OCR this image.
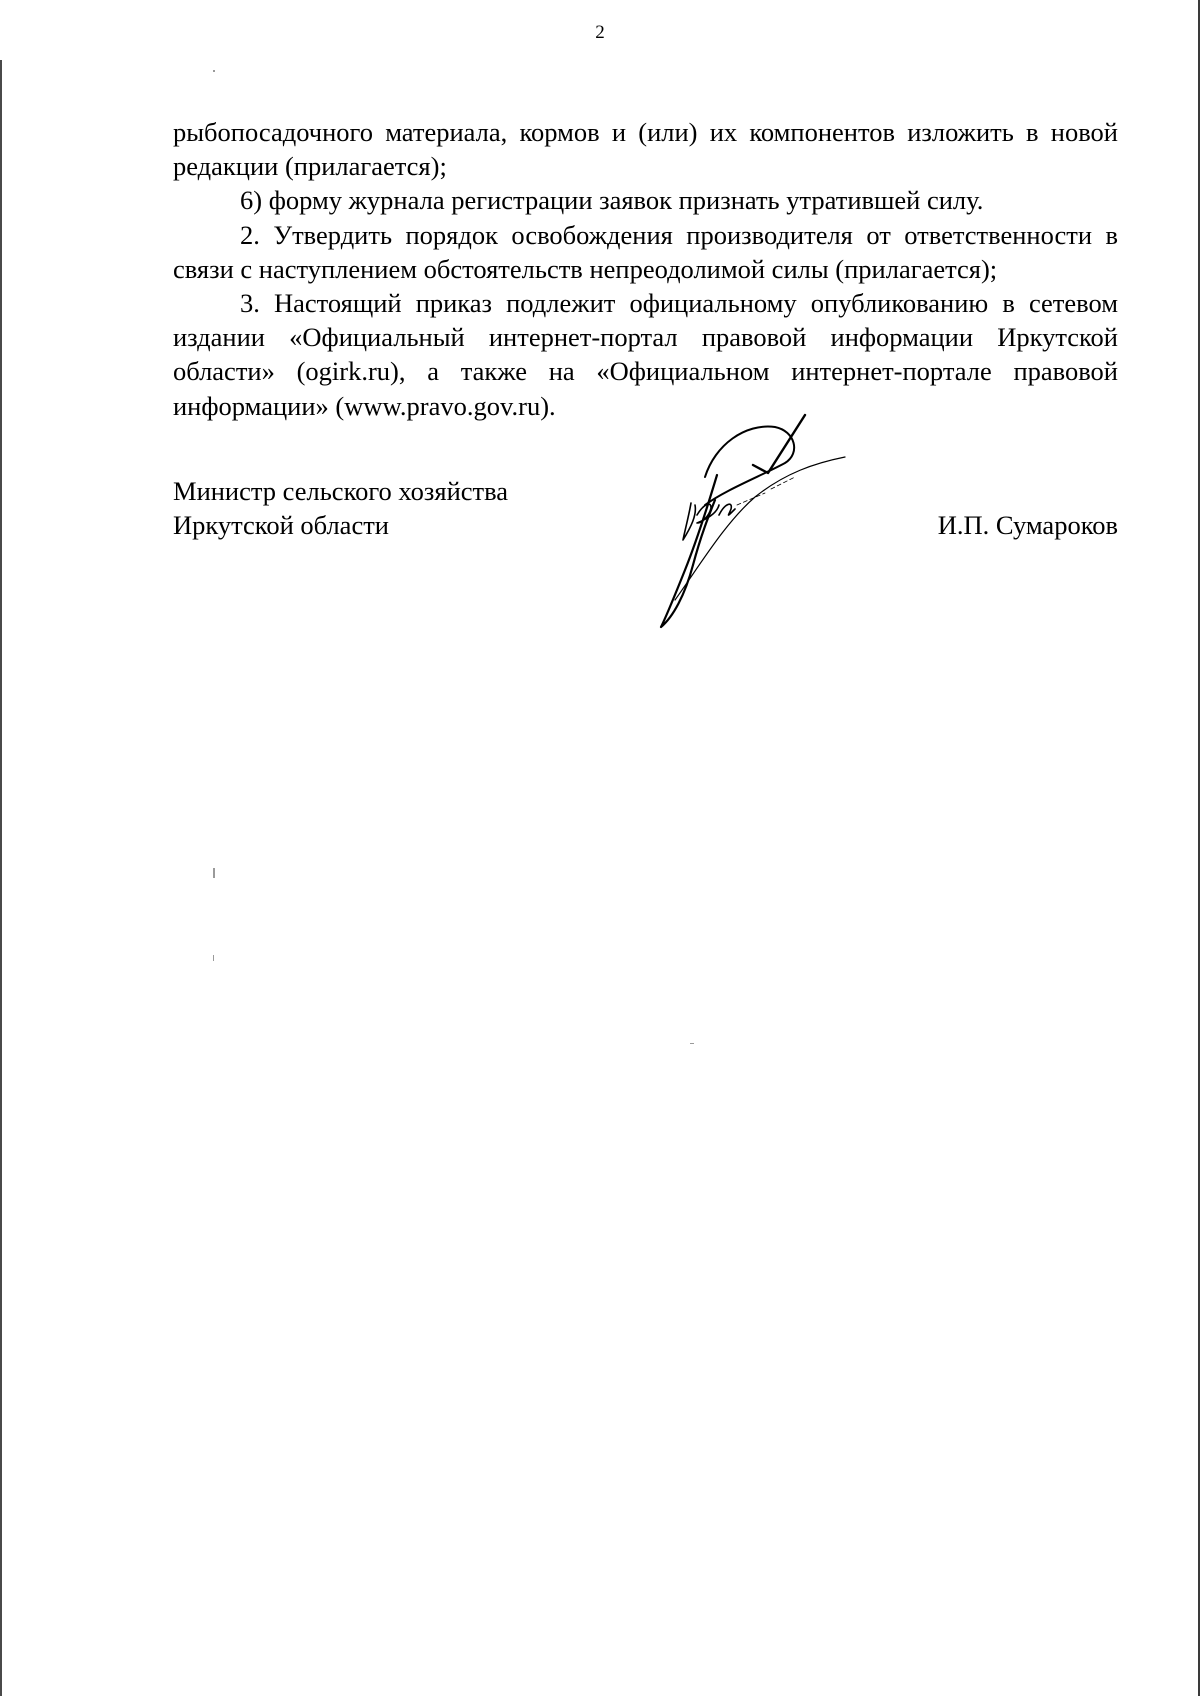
2

рыбопосадочного материала, кормов и (или) их компонентов изложить в новой редакции (прилагается);

6) форму журнала регистрации заявок признать утратившей силу.

2. Утвердить порядок освобождения производителя от ответственности в связи с наступлением обстоятельств непреодолимой силы (прилагается);

3. Настоящий приказ подлежит официальному опубликованию в сетевом издании «Официальный интернет-портал правовой информации Иркутской области» (ogirk.ru), а также на «Официальном интернет-портале правовой информации» (www.pravo.gov.ru).

Министр сельского хозяйства
Иркутской области	И.П. Сумароков
